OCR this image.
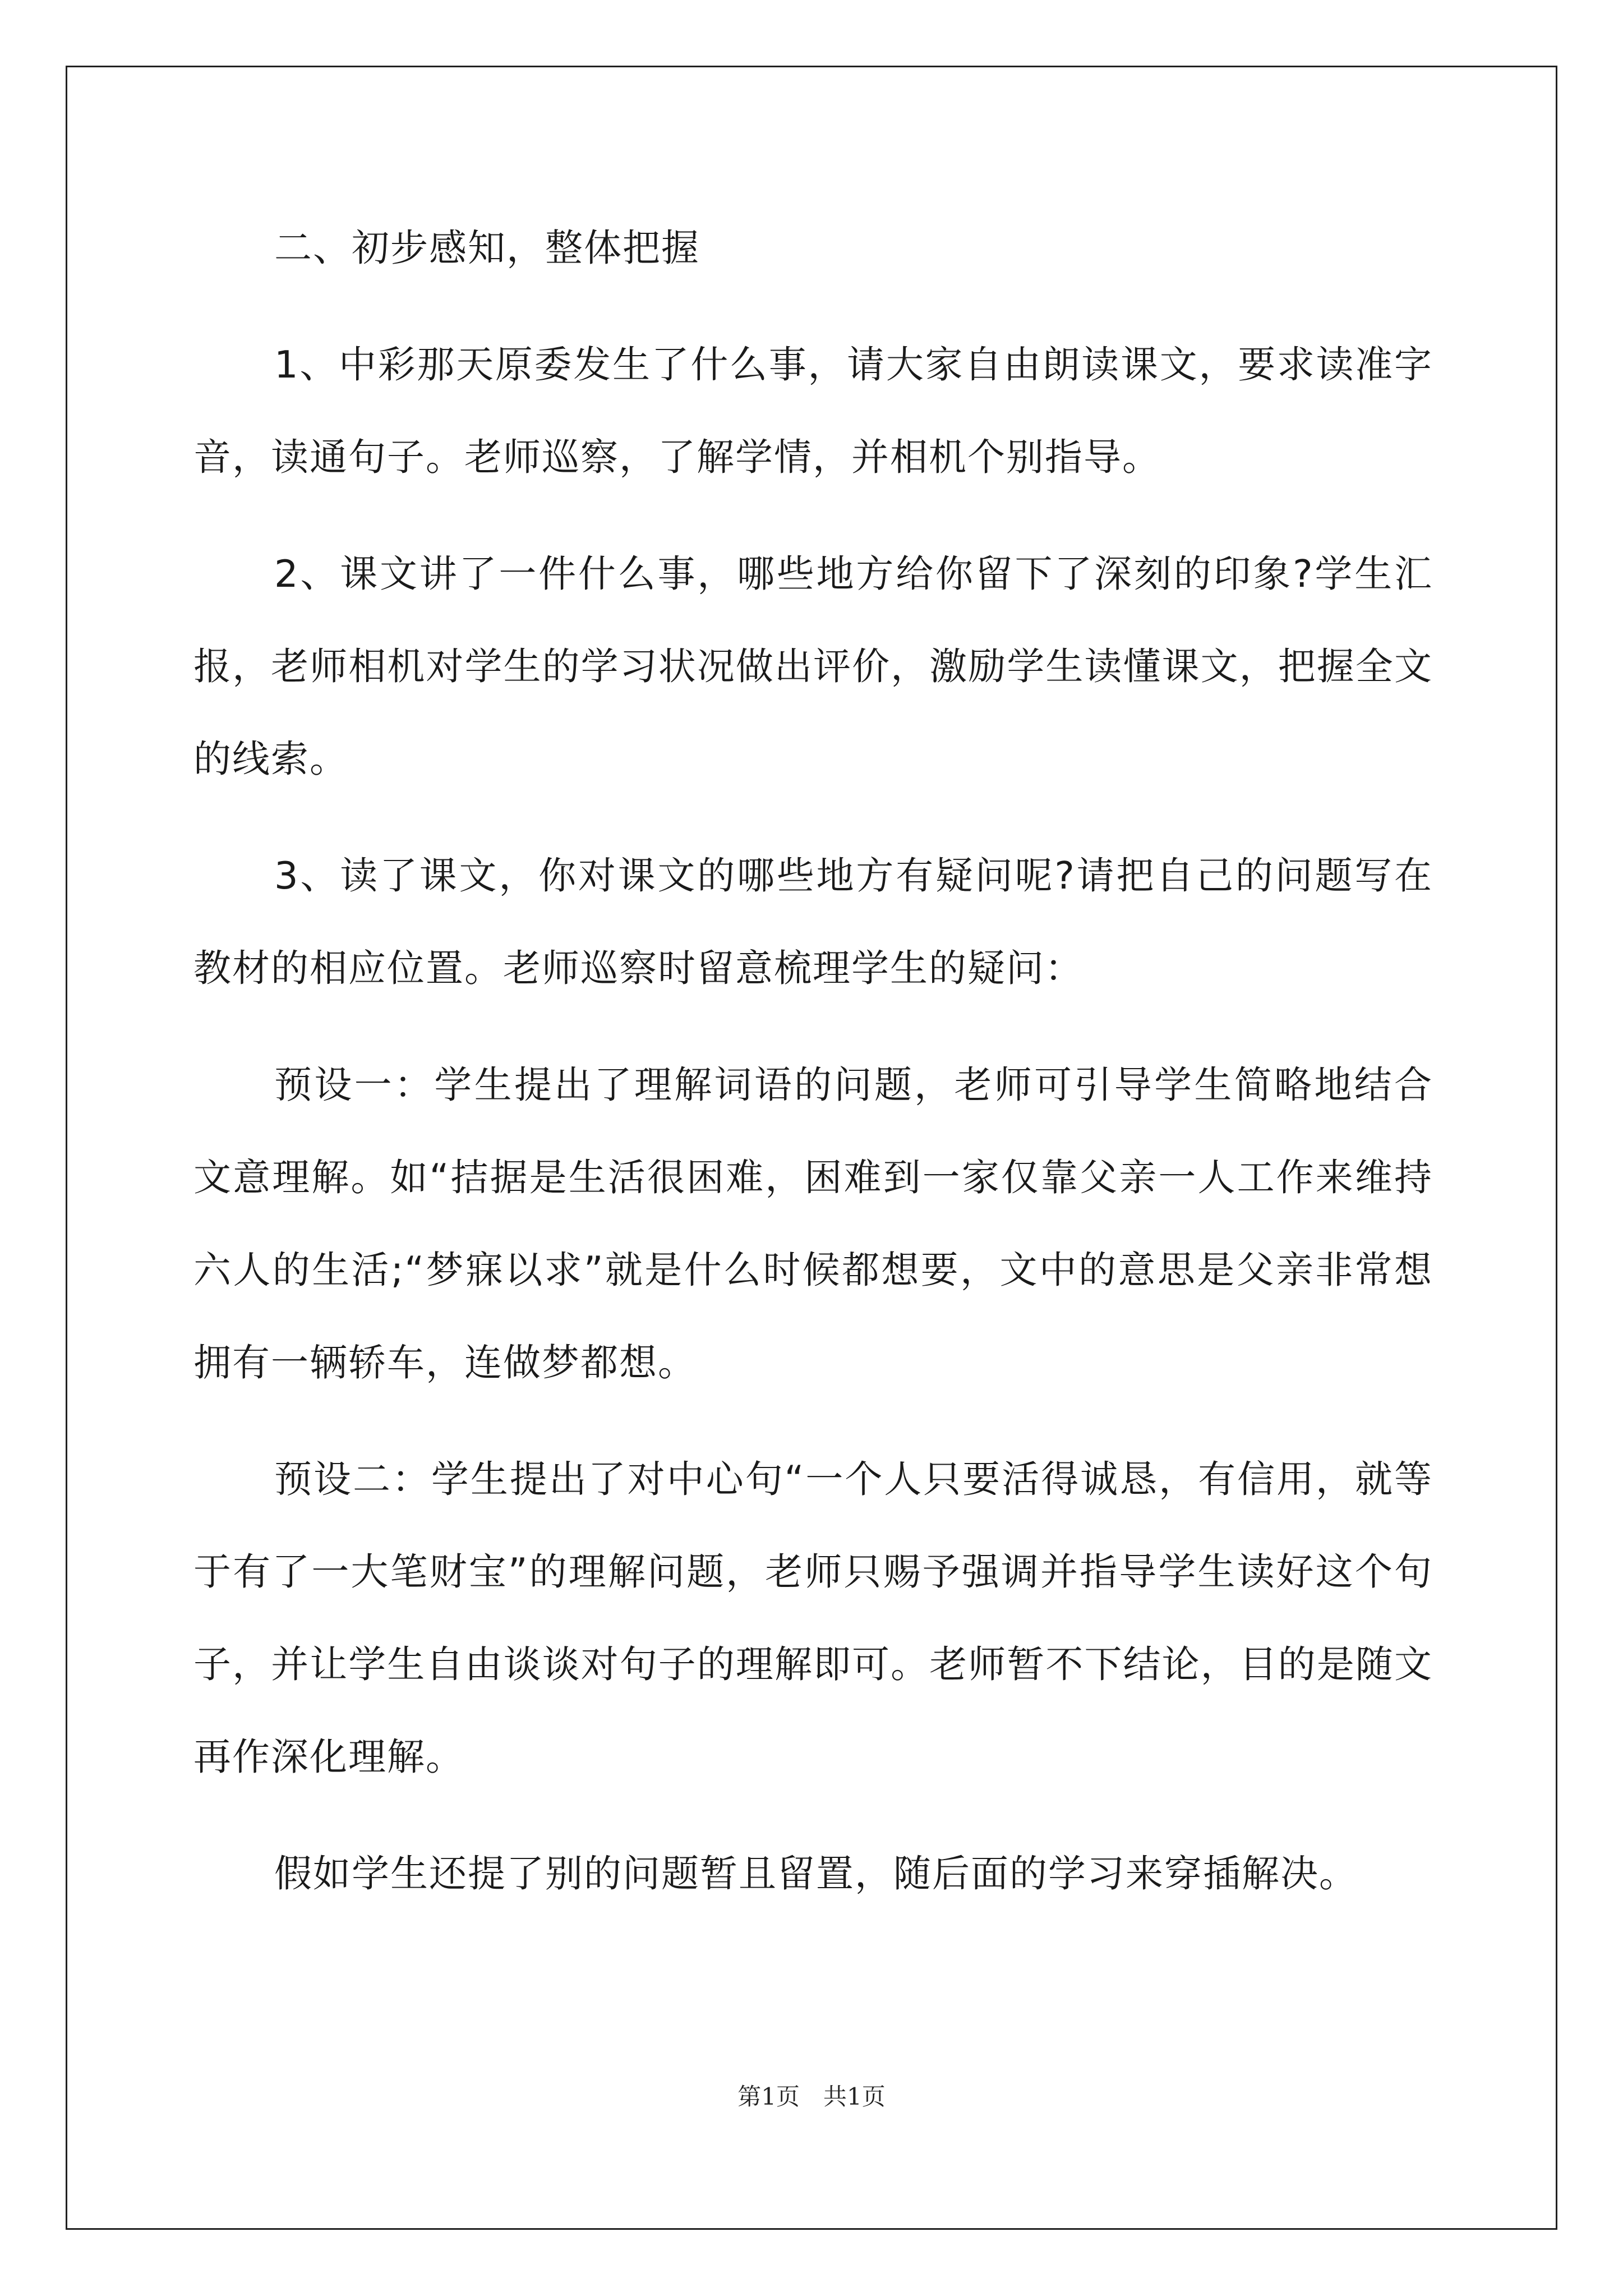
二、初步感知，整体把握

1、中彩那天原委发生了什么事，请大家自由朗读课文，要求读准字音，读通句子。老师巡察，了解学情，并相机个别指导。

2、课文讲了一件什么事，哪些地方给你留下了深刻的印象?学生汇报，老师相机对学生的学习状况做出评价，激励学生读懂课文，把握全文的线索。

3、读了课文，你对课文的哪些地方有疑问呢?请把自己的问题写在教材的相应位置。老师巡察时留意梳理学生的疑问：

预设一：学生提出了理解词语的问题，老师可引导学生简略地结合文意理解。如“拮据是生活很困难，困难到一家仅靠父亲一人工作来维持六人的生活;“梦寐以求”就是什么时候都想要，文中的意思是父亲非常想拥有一辆轿车，连做梦都想。

预设二：学生提出了对中心句“一个人只要活得诚恳，有信用，就等于有了一大笔财宝”的理解问题，老师只赐予强调并指导学生读好这个句子，并让学生自由谈谈对句子的理解即可。老师暂不下结论，目的是随文再作深化理解。

假如学生还提了别的问题暂且留置，随后面的学习来穿插解决。

第1页　共1页
